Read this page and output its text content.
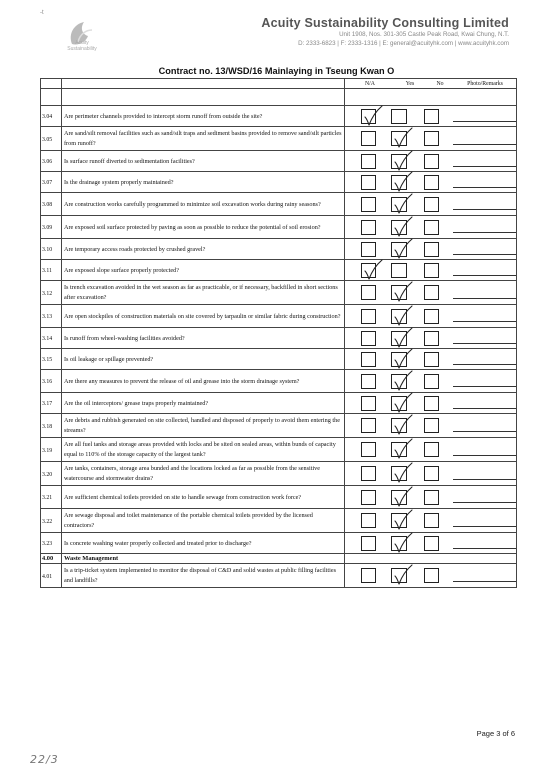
-t
Acuity Sustainability
Acuity Sustainability Consulting Limited
Unit 1908, Nos. 301-305 Castle Peak Road, Kwai Chung, N.T.
D: 2333-6823 | F: 2333-1316 | E: general@acuityhk.com | www.acuityhk.com
Contract no. 13/WSD/16 Mainlaying in Tseung Kwan O

		N/A Yes No Photo/Remarks

3.04	Are perimeter channels provided to intercept storm runoff from outside the site?	

3.05	Are sand/silt removal facilities such as sand/silt traps and sediment basins provided to remove sand/silt particles from runoff?	

3.06	Is surface runoff diverted to sedimentation facilities?	

3.07	Is the drainage system properly maintained?	

3.08	Are construction works carefully programmed to minimize soil excavation works during rainy seasons?	

3.09	Are exposed soil surface protected by paving as soon as possible to reduce the potential of soil erosion?	

3.10	Are temporary access roads protected by crushed gravel?	

3.11	Are exposed slope surface properly protected?	

3.12	Is trench excavation avoided in the wet season as far as practicable, or if necessary, backfilled in short sections after excavation?	

3.13	Are open stockpiles of construction materials on site covered by tarpaulin or similar fabric during construction?	

3.14	Is runoff from wheel-washing facilities avoided?	

3.15	Is oil leakage or spillage prevented?	

3.16	Are there any measures to prevent the release of oil and grease into the storm drainage system?	

3.17	Are the oil interceptors/ grease traps properly maintained?	

3.18	Are debris and rubbish generated on site collected, handled and disposed of properly to avoid them entering the streams?	

3.19	Are all fuel tanks and storage areas provided with locks and be sited on sealed areas, within bunds of capacity equal to 110% of the storage capacity of the largest tank?	

3.20	Are tanks, containers, storage area bunded and the locations locked as far as possible from the sensitive watercourse and stormwater drains?	

3.21	Are sufficient chemical toilets provided on site to handle sewage from construction work force?	

3.22	Are sewage disposal and toilet maintenance of the portable chemical toilets provided by the licensed contractors?	

3.23	Is concrete washing water properly collected and treated prior to discharge?	

4.00	Waste Management	
4.01	Is a trip-ticket system implemented to monitor the disposal of C&D and solid wastes at public filling facilities and landfills?	
Page 3 of 6
22/3
